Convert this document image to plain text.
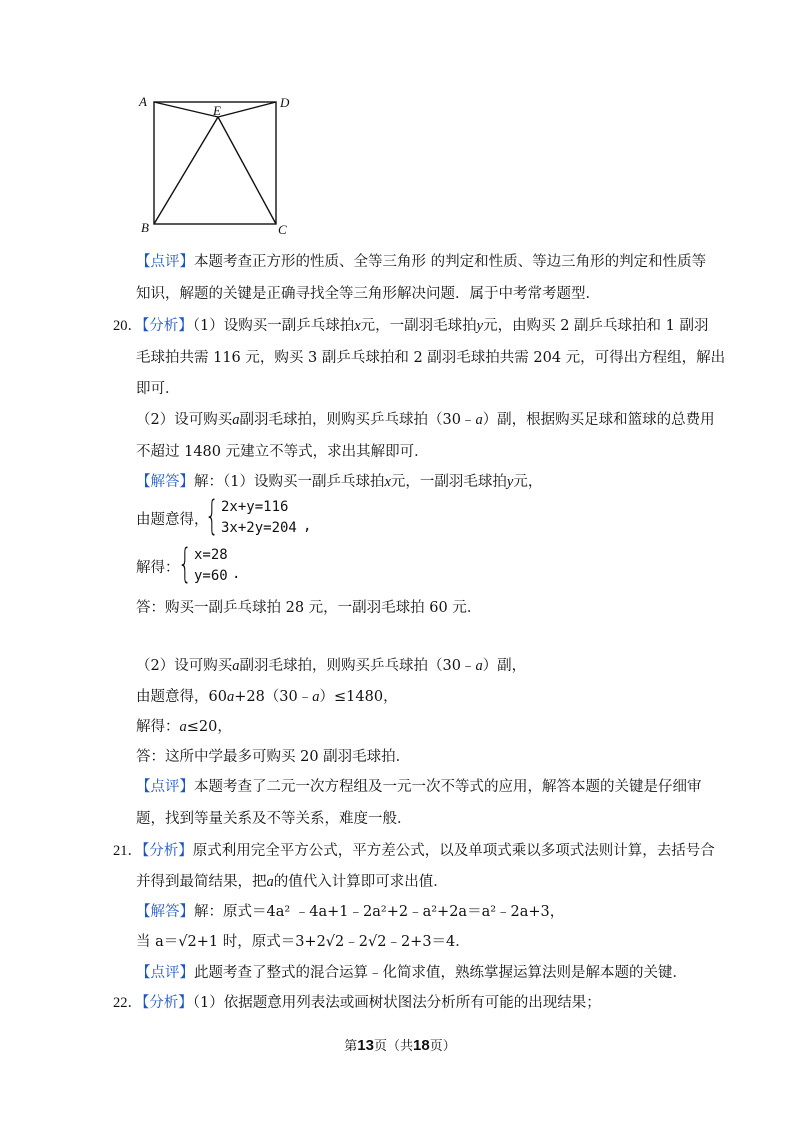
A	D
E
B	C
【点评】本题考查正方形的性质、全等三角形 的判定和性质、等边三角形的判定和性质等
知识，解题的关键是正确寻找全等三角形解决问题．属于中考常考题型．
20．【分析】（1）设购买一副乒乓球拍x元，一副羽毛球拍y元，由购买 2 副乒乓球拍和 1 副羽
毛球拍共需 116 元，购买 3 副乒乓球拍和 2 副羽毛球拍共需 204 元，可得出方程组，解出
即可．
（2）设可购买a副羽毛球拍，则购买乒乓球拍（30﹣a）副，根据购买足球和篮球的总费用
不超过 1480 元建立不等式，求出其解即可．
【解答】解：（1）设购买一副乒乓球拍x元，一副羽毛球拍y元，
由题意得，
{ 2x+y=116
3x+2y=204 ,
解得：
{ x=28
y=60 .
答：购买一副乒乓球拍 28 元，一副羽毛球拍 60 元．
（2）设可购买a副羽毛球拍，则购买乒乓球拍（30﹣a）副，
由题意得，60a+28（30﹣a）≤1480，
解得：a≤20，
答：这所中学最多可购买 20 副羽毛球拍．
【点评】本题考查了二元一次方程组及一元一次不等式的应用，解答本题的关键是仔细审
题，找到等量关系及不等关系，难度一般．
21．【分析】原式利用完全平方公式，平方差公式，以及单项式乘以多项式法则计算，去括号合
并得到最简结果，把a的值代入计算即可求出值．
【解答】解：原式＝4a² ﹣4a+1﹣2a²+2﹣a²+2a＝a²﹣2a+3，
当 a＝√2+1 时，原式＝3+2√2﹣2√2﹣2+3＝4．
【点评】此题考查了整式的混合运算﹣化简求值，熟练掌握运算法则是解本题的关键．
22．【分析】（1）依据题意用列表法或画树状图法分析所有可能的出现结果；
第13页（共18页）
